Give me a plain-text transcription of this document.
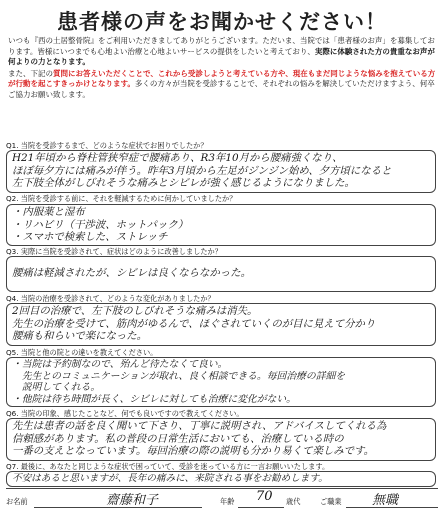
患者様の声をお聞かせください！

いつも『西の土居整骨院』をご利用いただきましてありがとうございます。ただいま、当院では「患者様のお声」を募集しております。皆様にいつまでも心地よい治療と心地よいサービスの提供をしたいと考えており、実際に体験された方の貴重なお声が何よりの力となります。

また、下記の質問にお答えいただくことで、これから受診しようと考えている方や、現在もまだ同じような悩みを抱えている方が行動を起こすきっかけとなります。多くの方々が当院を受診することで、それぞれの悩みを解決していただけますよう、何卒ご協力お願い致します。

Q1. 当院を受診するまで、どのような症状でお困りでしたか？
H21年頃から脊柱管狭窄症で腰痛あり、R3年10月から腰痛強くなり、
ほぼ毎夕方には痛みが伴う。昨年3月頃から左足がジンジン始め、夕方頃になると
左下肢全体がしびれそうな痛みとシビレが強く感じるようになりました。
Q2. 当院を受診する前に、それを軽減するために何かしていましたか？
・内服薬と湿布
・リハビリ（干渉波、ホットパック）
・スマホで検索した、ストレッチ
Q3. 実際に当院を受診されて、症状はどのように改善しましたか？
腰痛は軽減されたが、シビレは良くならなかった。
Q4. 当院の治療を受診されて、どのような変化がありましたか？
2回目の治療で、左下肢のしびれそうな痛みは消失。
先生の治療を受けて、筋肉がゆるんで、ほぐされていくのが目に見えて分かり
腰痛も和らいで楽になった。
Q5. 当院と他の院との違いを教えてください。
・当院は予約制なので、殆んど待たなくて良い。
　先生とのコミュニケーションが取れ、良く相談できる。毎回治療の詳細を
　説明してくれる。
・他院は待ち時間が長く、シビレに対しても治療に変化がない。
Q6. 当院の印象、感じたことなど、何でも良いですので教えてください。
先生は患者の話を良く聞いて下さり、丁寧に説明され、アドバイスしてくれる為
信頼感があります。私の普段の日常生活においても、治療している時の
一番の支えとなっています。毎回治療の際の説明も分かり易くて楽しみです。
Q7. 最後に、あなたと同じような症状で困っていて、受診を迷っている方に一言お願いいたします。
不安はあると思いますが、長年の痛みに、来院される事をお勧めします。
お名前	齋藤和子	年齢 70 歳代	ご職業 無職
